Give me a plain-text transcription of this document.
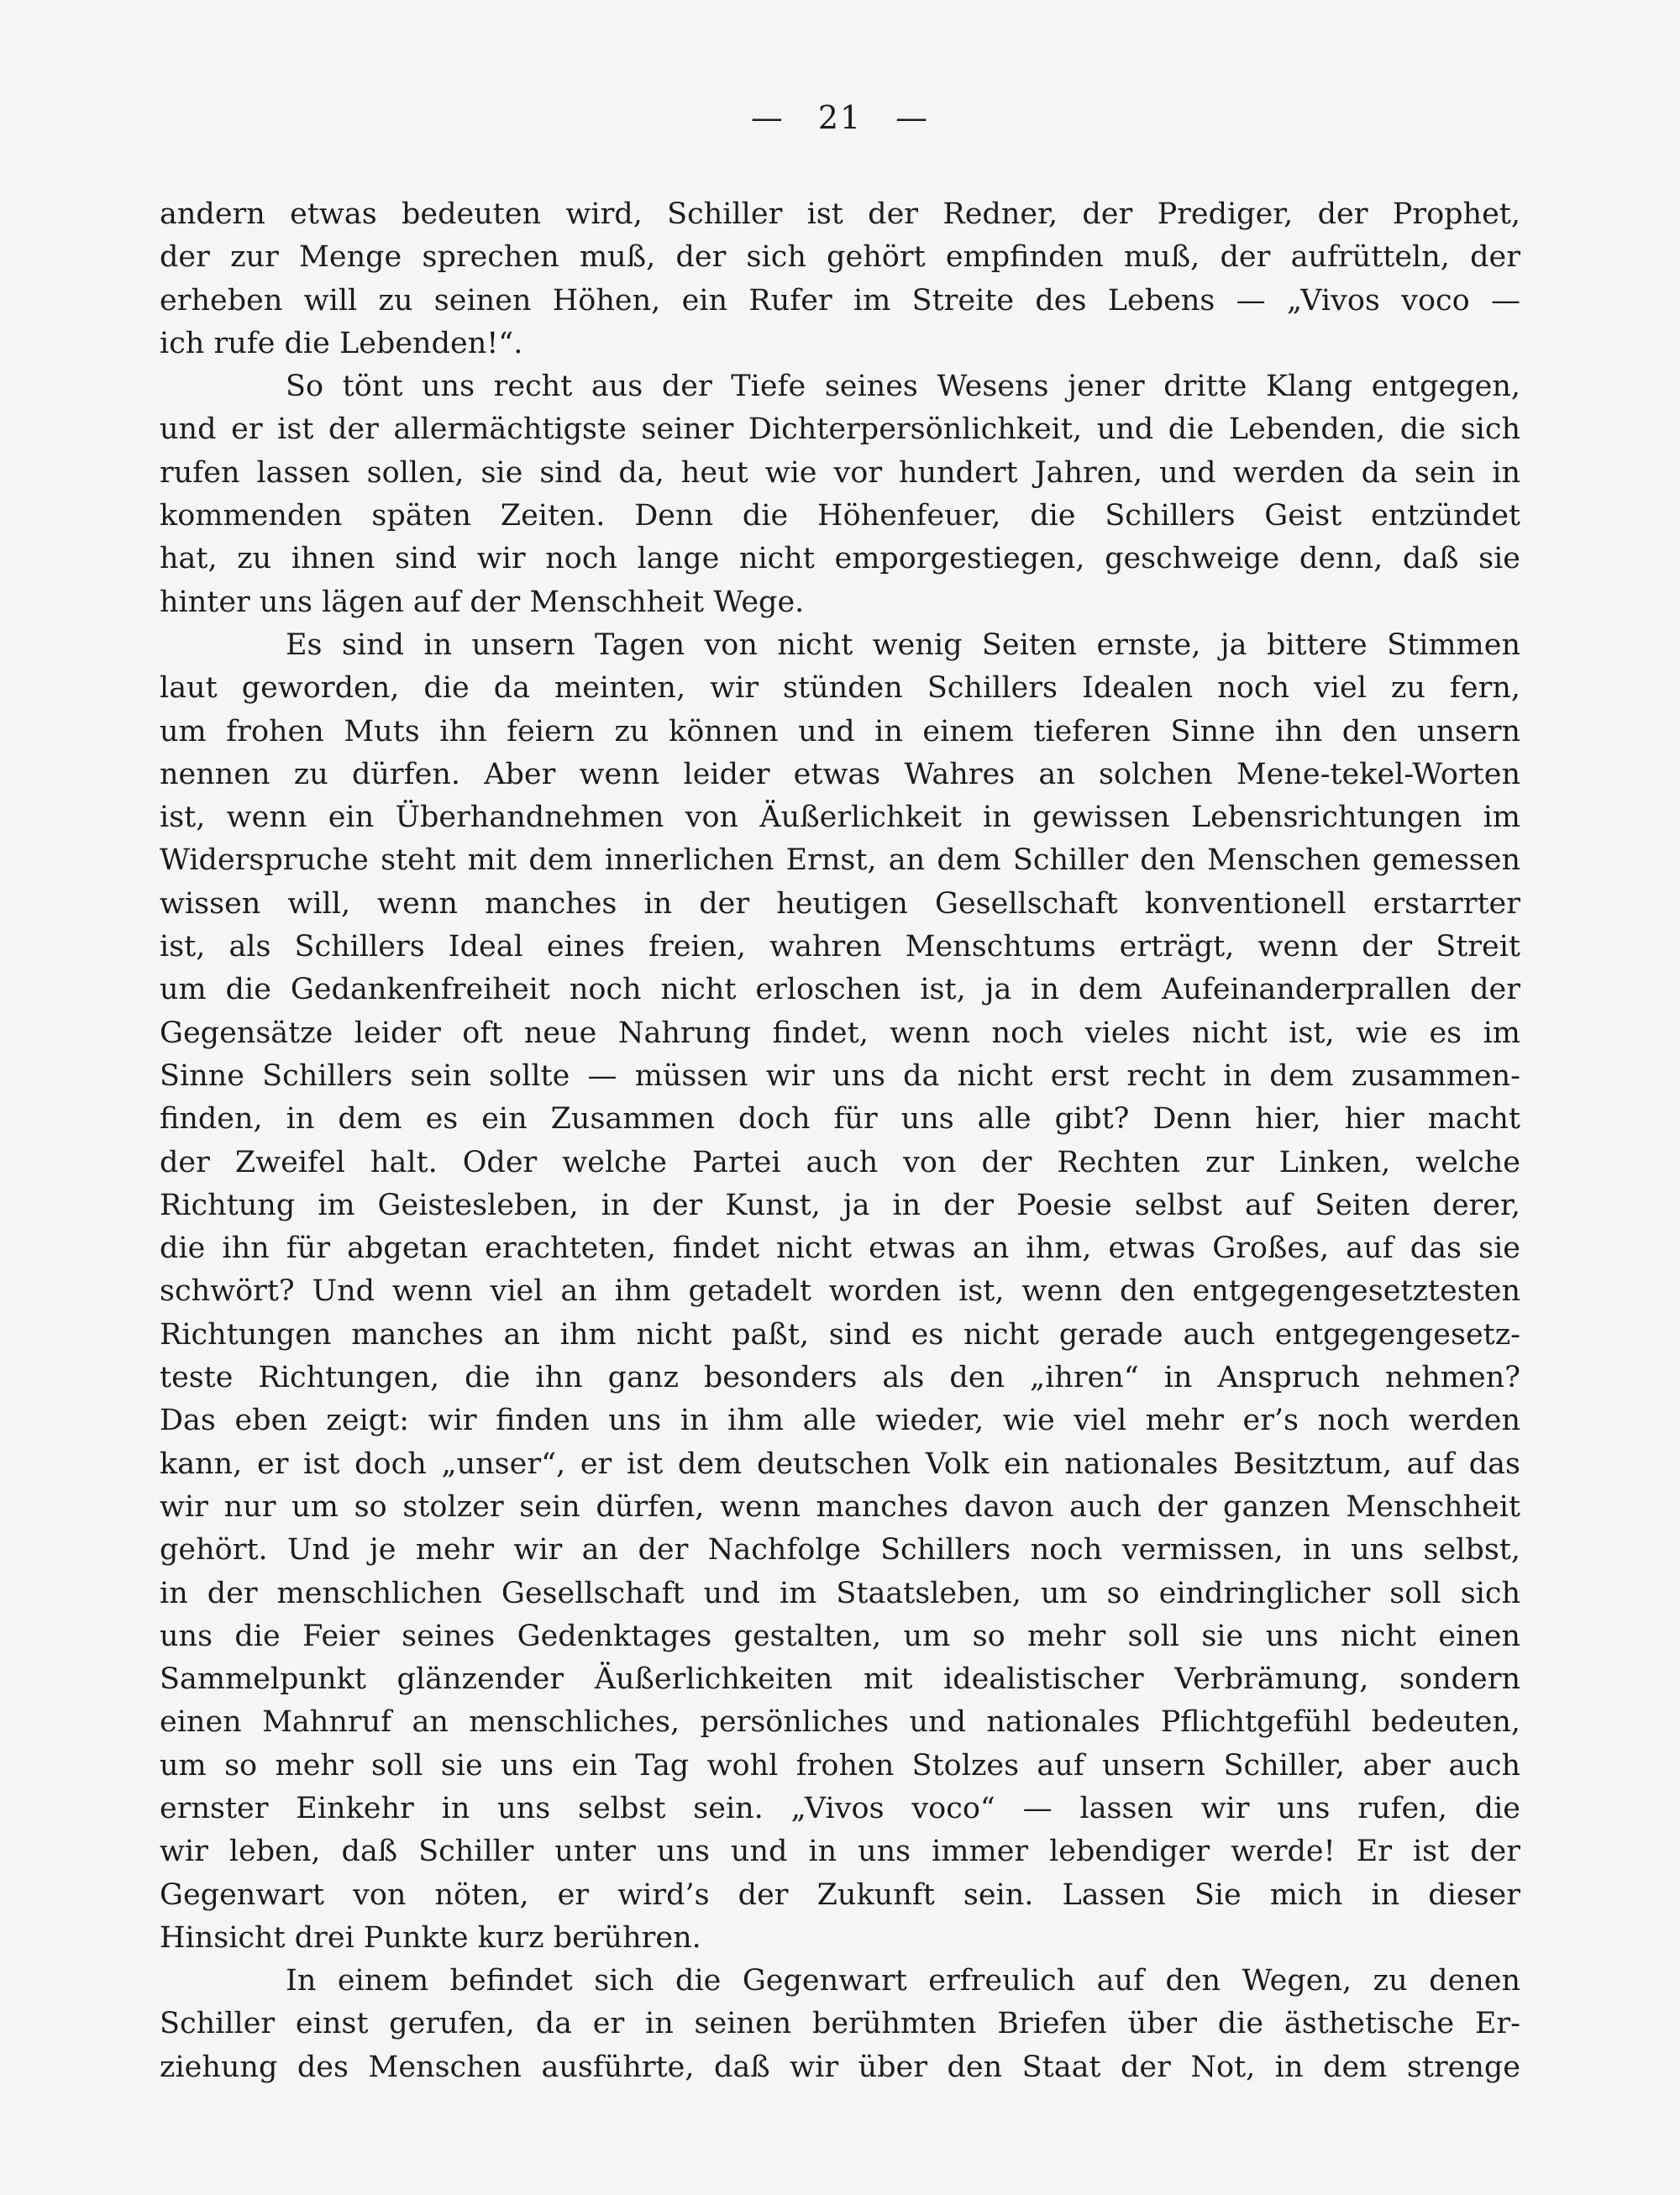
— 21 —
andern etwas bedeuten wird, Schiller ist der Redner, der Prediger, der Prophet,
der zur Menge sprechen muß, der sich gehört empfinden muß, der aufrütteln, der
erheben will zu seinen Höhen, ein Rufer im Streite des Lebens — „Vivos voco —
ich rufe die Lebenden!“.
So tönt uns recht aus der Tiefe seines Wesens jener dritte Klang entgegen,
und er ist der allermächtigste seiner Dichterpersönlichkeit, und die Lebenden, die sich
rufen lassen sollen, sie sind da, heut wie vor hundert Jahren, und werden da sein in
kommenden späten Zeiten. Denn die Höhenfeuer, die Schillers Geist entzündet
hat, zu ihnen sind wir noch lange nicht emporgestiegen, geschweige denn, daß sie
hinter uns lägen auf der Menschheit Wege.
Es sind in unsern Tagen von nicht wenig Seiten ernste, ja bittere Stimmen
laut geworden, die da meinten, wir stünden Schillers Idealen noch viel zu fern,
um frohen Muts ihn feiern zu können und in einem tieferen Sinne ihn den unsern
nennen zu dürfen. Aber wenn leider etwas Wahres an solchen Mene-tekel-Worten
ist, wenn ein Überhandnehmen von Äußerlichkeit in gewissen Lebensrichtungen im
Widerspruche steht mit dem innerlichen Ernst, an dem Schiller den Menschen gemessen
wissen will, wenn manches in der heutigen Gesellschaft konventionell erstarrter
ist, als Schillers Ideal eines freien, wahren Menschtums erträgt, wenn der Streit
um die Gedankenfreiheit noch nicht erloschen ist, ja in dem Aufeinanderprallen der
Gegensätze leider oft neue Nahrung findet, wenn noch vieles nicht ist, wie es im
Sinne Schillers sein sollte — müssen wir uns da nicht erst recht in dem zusammen-
finden, in dem es ein Zusammen doch für uns alle gibt? Denn hier, hier macht
der Zweifel halt. Oder welche Partei auch von der Rechten zur Linken, welche
Richtung im Geistesleben, in der Kunst, ja in der Poesie selbst auf Seiten derer,
die ihn für abgetan erachteten, findet nicht etwas an ihm, etwas Großes, auf das sie
schwört? Und wenn viel an ihm getadelt worden ist, wenn den entgegengesetztesten
Richtungen manches an ihm nicht paßt, sind es nicht gerade auch entgegengesetz-
teste Richtungen, die ihn ganz besonders als den „ihren“ in Anspruch nehmen?
Das eben zeigt: wir finden uns in ihm alle wieder, wie viel mehr er’s noch werden
kann, er ist doch „unser“, er ist dem deutschen Volk ein nationales Besitztum, auf das
wir nur um so stolzer sein dürfen, wenn manches davon auch der ganzen Menschheit
gehört. Und je mehr wir an der Nachfolge Schillers noch vermissen, in uns selbst,
in der menschlichen Gesellschaft und im Staatsleben, um so eindringlicher soll sich
uns die Feier seines Gedenktages gestalten, um so mehr soll sie uns nicht einen
Sammelpunkt glänzender Äußerlichkeiten mit idealistischer Verbrämung, sondern
einen Mahnruf an menschliches, persönliches und nationales Pflichtgefühl bedeuten,
um so mehr soll sie uns ein Tag wohl frohen Stolzes auf unsern Schiller, aber auch
ernster Einkehr in uns selbst sein. „Vivos voco“ — lassen wir uns rufen, die
wir leben, daß Schiller unter uns und in uns immer lebendiger werde! Er ist der
Gegenwart von nöten, er wird’s der Zukunft sein. Lassen Sie mich in dieser
Hinsicht drei Punkte kurz berühren.
In einem befindet sich die Gegenwart erfreulich auf den Wegen, zu denen
Schiller einst gerufen, da er in seinen berühmten Briefen über die ästhetische Er-
ziehung des Menschen ausführte, daß wir über den Staat der Not, in dem strenge
